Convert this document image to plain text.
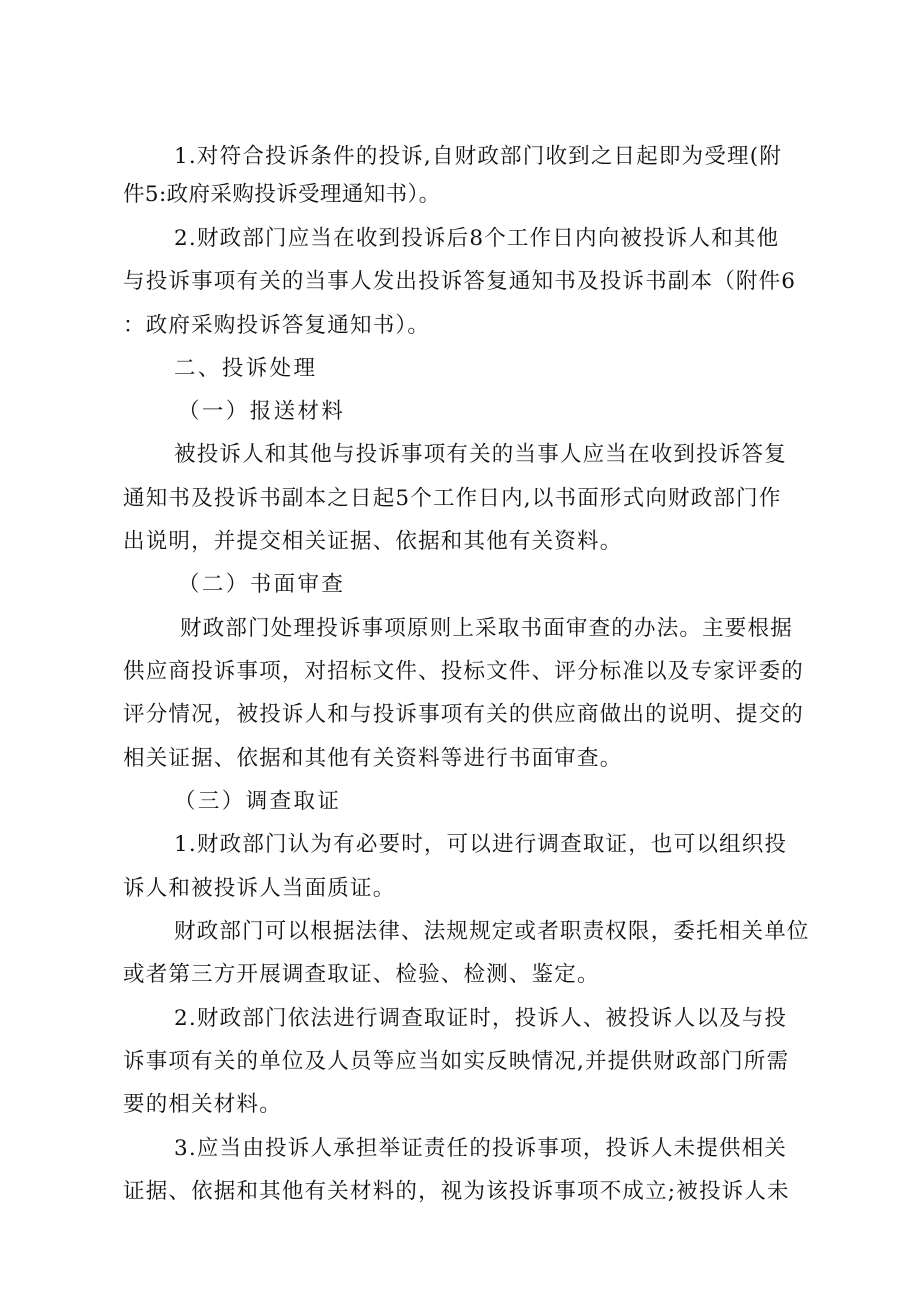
1.对符合投诉条件的投诉,自财政部门收到之日起即为受理(附
件5:政府采购投诉受理通知书）。
2.财政部门应当在收到投诉后8个工作日内向被投诉人和其他
与投诉事项有关的当事人发出投诉答复通知书及投诉书副本（附件6
：政府采购投诉答复通知书）。
二、投诉处理
（一）报送材料
被投诉人和其他与投诉事项有关的当事人应当在收到投诉答复
通知书及投诉书副本之日起5个工作日内,以书面形式向财政部门作
出说明，并提交相关证据、依据和其他有关资料。
（二）书面审查
财政部门处理投诉事项原则上采取书面审查的办法。主要根据
供应商投诉事项，对招标文件、投标文件、评分标准以及专家评委的
评分情况，被投诉人和与投诉事项有关的供应商做出的说明、提交的
相关证据、依据和其他有关资料等进行书面审查。
（三）调查取证
1.财政部门认为有必要时，可以进行调查取证，也可以组织投
诉人和被投诉人当面质证。
财政部门可以根据法律、法规规定或者职责权限，委托相关单位
或者第三方开展调查取证、检验、检测、鉴定。
2.财政部门依法进行调查取证时，投诉人、被投诉人以及与投
诉事项有关的单位及人员等应当如实反映情况,并提供财政部门所需
要的相关材料。
3.应当由投诉人承担举证责任的投诉事项，投诉人未提供相关
证据、依据和其他有关材料的，视为该投诉事项不成立;被投诉人未
